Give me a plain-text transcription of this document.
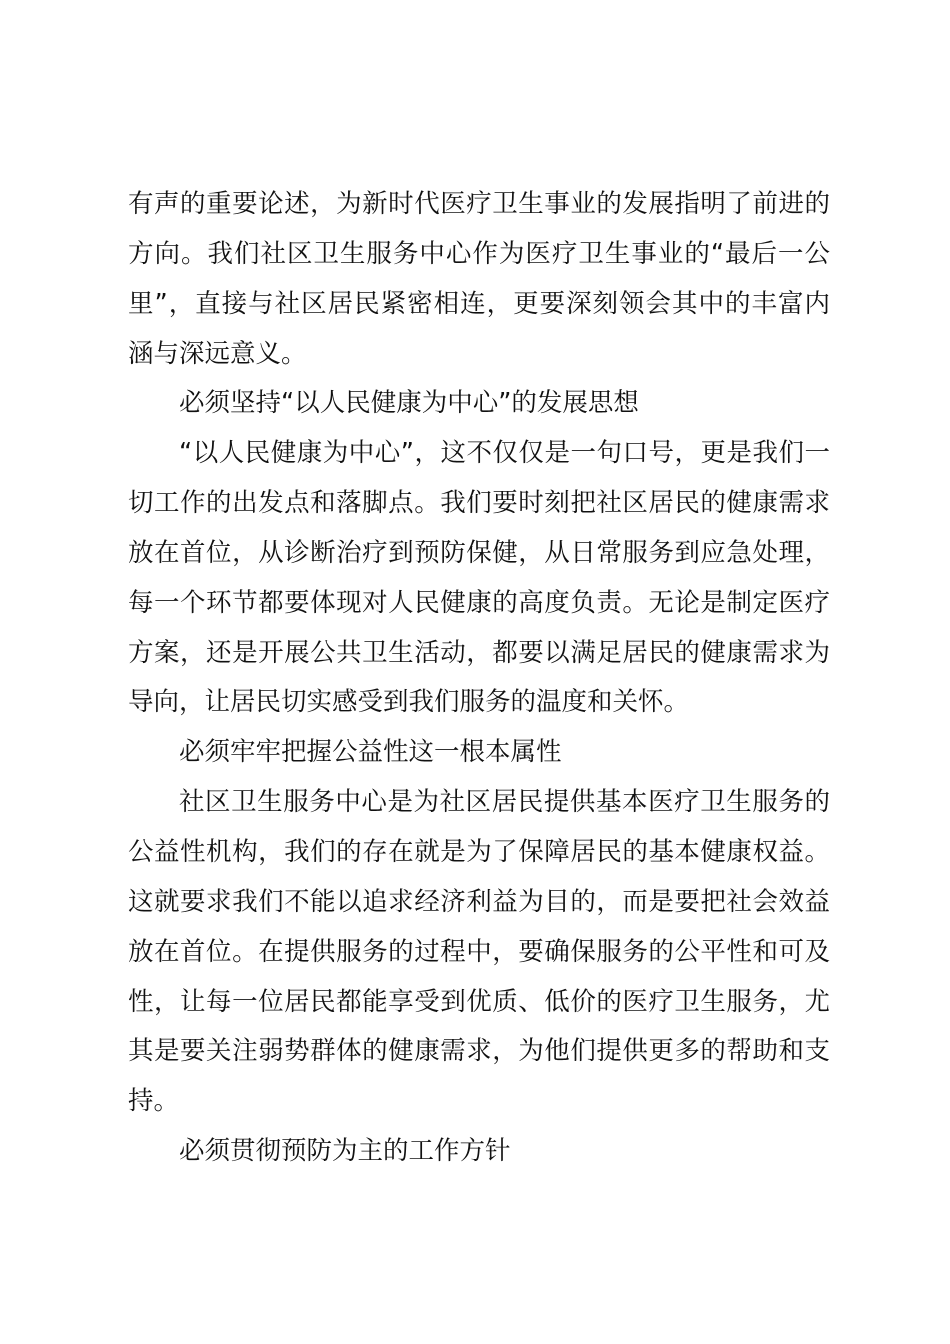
有声的重要论述，为新时代医疗卫生事业的发展指明了前进的
方向。我们社区卫生服务中心作为医疗卫生事业的“最后一公
里”，直接与社区居民紧密相连，更要深刻领会其中的丰富内
涵与深远意义。
必须坚持“以人民健康为中心”的发展思想
“以人民健康为中心”，这不仅仅是一句口号，更是我们一
切工作的出发点和落脚点。我们要时刻把社区居民的健康需求
放在首位，从诊断治疗到预防保健，从日常服务到应急处理，
每一个环节都要体现对人民健康的高度负责。无论是制定医疗
方案，还是开展公共卫生活动，都要以满足居民的健康需求为
导向，让居民切实感受到我们服务的温度和关怀。
必须牢牢把握公益性这一根本属性
社区卫生服务中心是为社区居民提供基本医疗卫生服务的
公益性机构，我们的存在就是为了保障居民的基本健康权益。
这就要求我们不能以追求经济利益为目的，而是要把社会效益
放在首位。在提供服务的过程中，要确保服务的公平性和可及
性，让每一位居民都能享受到优质、低价的医疗卫生服务，尤
其是要关注弱势群体的健康需求，为他们提供更多的帮助和支
持。
必须贯彻预防为主的工作方针
